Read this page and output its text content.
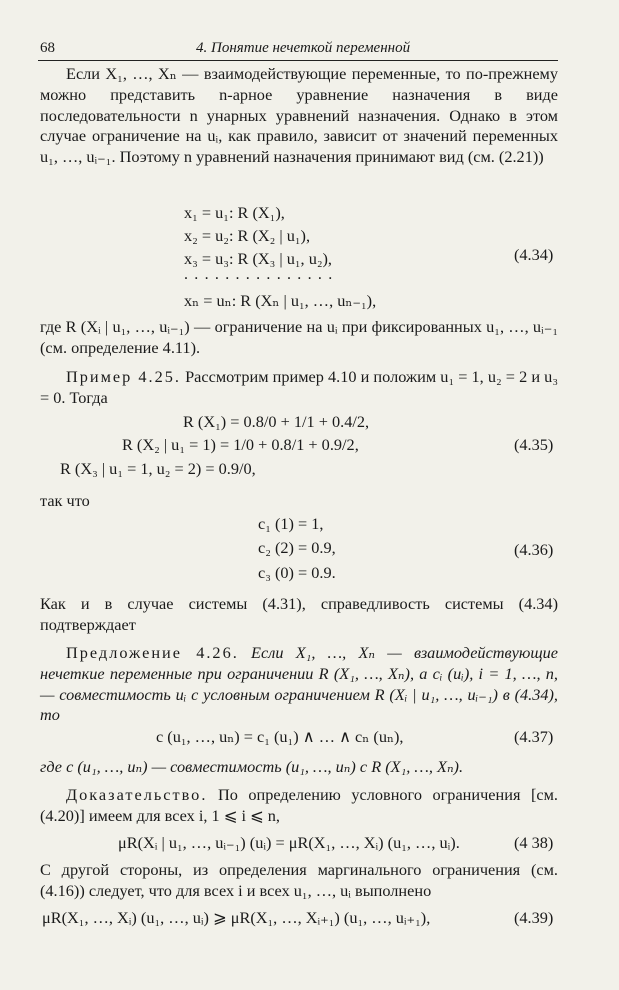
68	4. Понятие нечеткой переменной

Если X₁, …, Xₙ — взаимодействующие переменные, то по-прежнему можно представить n-арное уравнение назначения в виде последовательности n унарных уравнений назначения. Однако в этом случае ограничение на uᵢ, как правило, зависит от значений переменных u₁, …, uᵢ₋₁. Поэтому n уравнений назначения принимают вид (см. (2.21))

x₁ = u₁: R (X₁),
x₂ = u₂: R (X₂ | u₁),
x₃ = u₃: R (X₃ | u₁, u₂),
...............
xₙ = uₙ: R (Xₙ | u₁, …, uₙ₋₁),
(4.34)

где R (Xᵢ | u₁, …, uᵢ₋₁) — ограничение на uᵢ при фиксированных u₁, …, uᵢ₋₁ (см. определение 4.11).

Пример 4.25. Рассмотрим пример 4.10 и положим u₁ = 1, u₂ = 2 и u₃ = 0. Тогда

R (X₁) = 0.8/0 + 1/1 + 0.4/2,
R (X₂ | u₁ = 1) = 1/0 + 0.8/1 + 0.9/2,
R (X₃ | u₁ = 1, u₂ = 2) = 0.9/0,
(4.35)
так что
c₁ (1) = 1,
c₂ (2) = 0.9,
c₃ (0) = 0.9.
(4.36)

Как и в случае системы (4.31), справедливость системы (4.34) подтверждает

Предложение 4.26. Если X₁, …, Xₙ — взаимодействующие нечеткие переменные при ограничении R (X₁, …, Xₙ), а cᵢ (uᵢ), i = 1, …, n, — совместимость uᵢ с условным ограничением R (Xᵢ | u₁, …, uᵢ₋₁) в (4.34), то

c (u₁, …, uₙ) = c₁ (u₁) ∧ … ∧ cₙ (uₙ),	(4.37)

где c (u₁, …, uₙ) — совместимость (u₁, …, uₙ) с R (X₁, …, Xₙ).

Доказательство. По определению условного ограничения [см. (4.20)] имеем для всех i, 1 ⩽ i ⩽ n,

μR(Xᵢ | u₁, …, uᵢ₋₁) (uᵢ) = μR(X₁, …, Xᵢ) (u₁, …, uᵢ).	(4 38)

С другой стороны, из определения маргинального ограничения (см. (4.16)) следует, что для всех i и всех u₁, …, uᵢ выполнено

μR(X₁, …, Xᵢ) (u₁, …, uᵢ) ⩾ μR(X₁, …, Xᵢ₊₁) (u₁, …, uᵢ₊₁),	(4.39)
